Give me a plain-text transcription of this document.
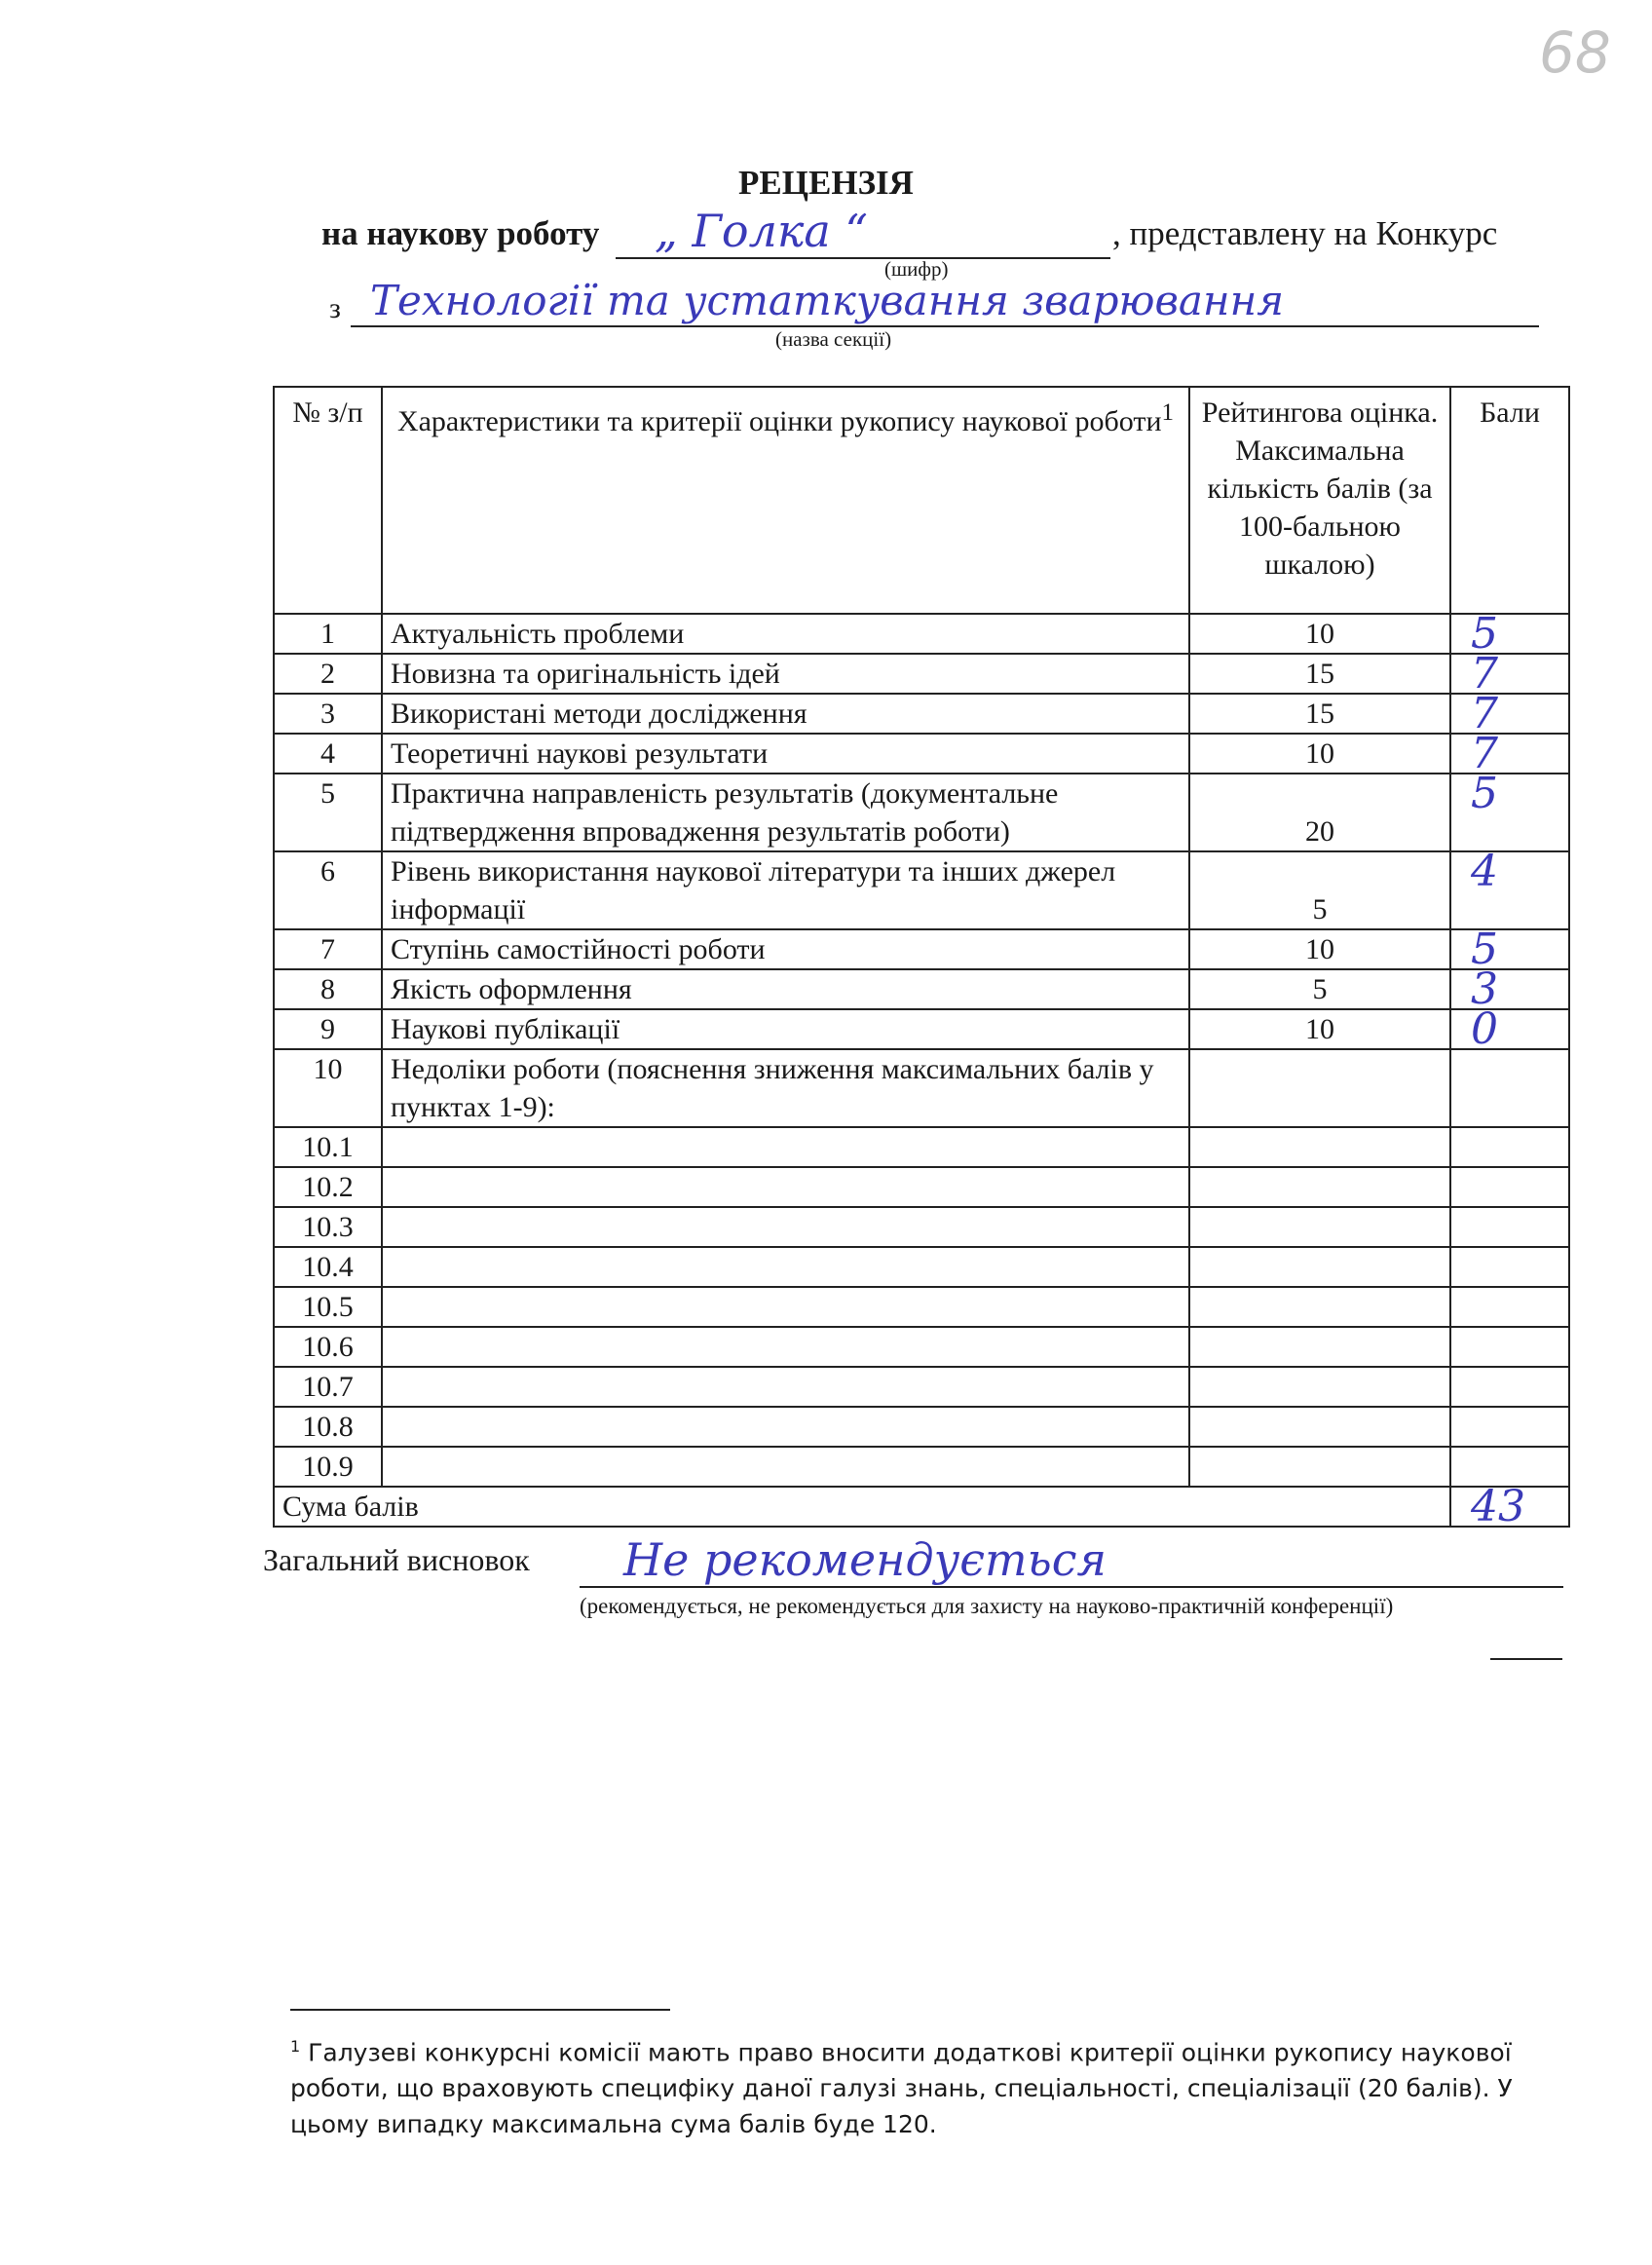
68
РЕЦЕНЗІЯ
на наукову роботу „ Голка “	, представлену на Конкурс
(шифр)
з Технології та устаткування зварювання
(назва секції)
№ з/п	Характеристики та критерії оцінки рукопису наукової роботи$^1$	Рейтингова оцінка. Максимальна кількість балів (за 100-бальною шкалою)	Бали
1	Актуальність проблеми	10	5
2	Новизна та оригінальність ідей	15	7
3	Використані методи дослідження	15	7
4	Теоретичні наукові результати	10	7
5	Практична направленість результатів (документальне підтвердження впровадження результатів роботи)	20	5
6	Рівень використання наукової літератури та інших джерел інформації	5	4
7	Ступінь самостійності роботи	10	5
8	Якість оформлення	5	3
9	Наукові публікації	10	0
10	Недоліки роботи (пояснення зниження максимальних балів у пунктах 1-9):		
10.1			
10.2			
10.3			
10.4			
10.5			
10.6			
10.7			
10.8			
10.9			
Сума балів			43
Загальний висновок Не рекомендується
(рекомендується, не рекомендується для захисту на науково-практичній конференції)
$^1$ Галузеві конкурсні комісії мають право вносити додаткові критерії оцінки рукопису наукової роботи, що враховують специфіку даної галузі знань, спеціальності, спеціалізації (20 балів). У цьому випадку максимальна сума балів буде 120.
